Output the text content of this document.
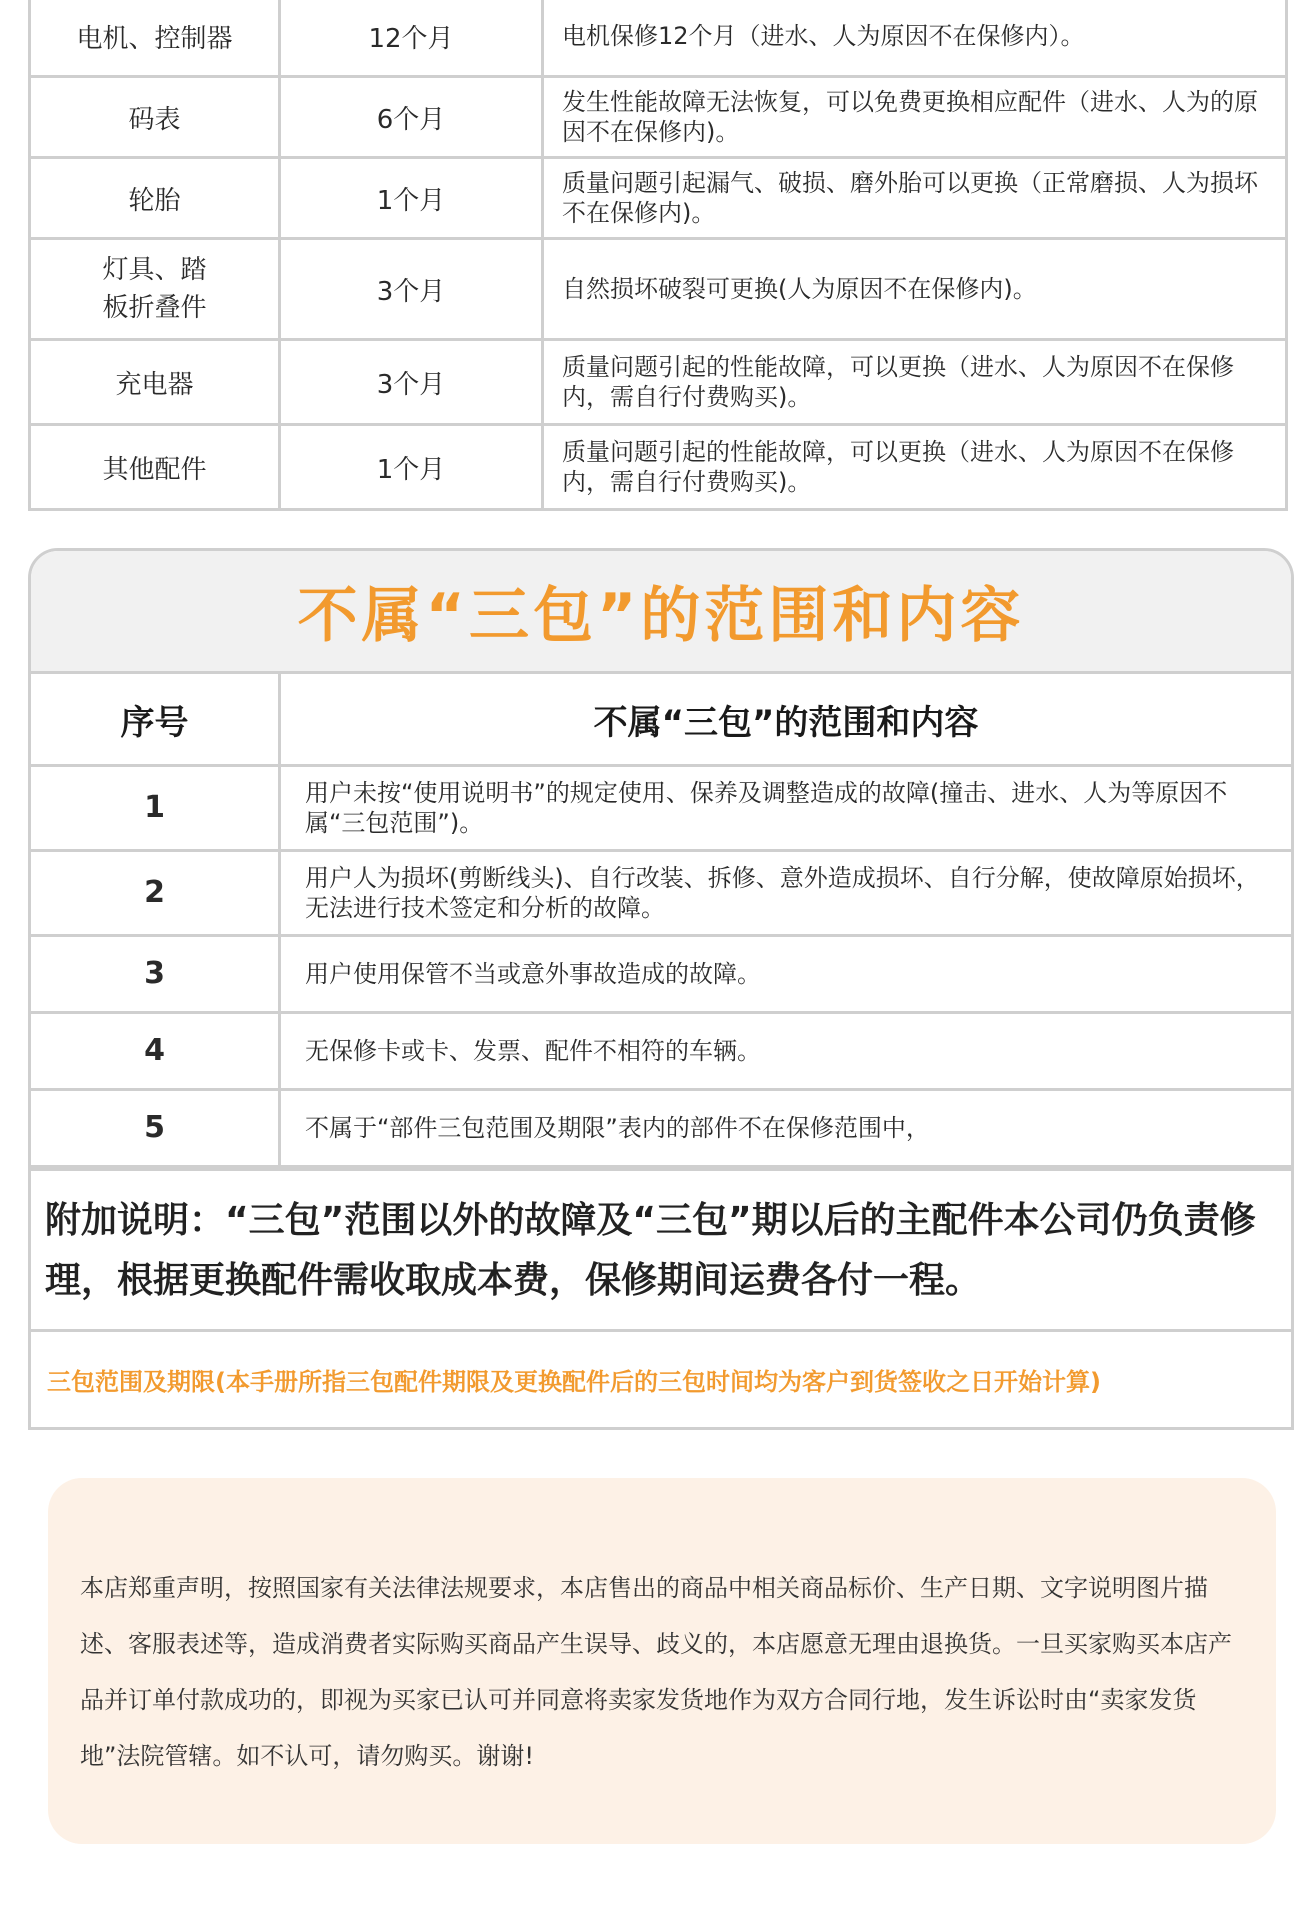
电机、控制器	12个月	电机保修12个月（进水、人为原因不在保修内）。
码表	6个月	发生性能故障无法恢复，可以免费更换相应配件（进水、人为的原因不在保修内)。
轮胎	1个月	质量问题引起漏气、破损、磨外胎可以更换（正常磨损、人为损坏不在保修内)。
灯具、踏板折叠件	3个月	自然损坏破裂可更换(人为原因不在保修内)。
充电器	3个月	质量问题引起的性能故障，可以更换（进水、人为原因不在保修内，需自行付费购买)。
其他配件	1个月	质量问题引起的性能故障，可以更换（进水、人为原因不在保修内，需自行付费购买)。
不属“三包”的范围和内容
序号	不属“三包”的范围和内容
1	用户未按“使用说明书”的规定使用、保养及调整造成的故障(撞击、进水、人为等原因不属“三包范围”)。
2	用户人为损坏(剪断线头)、自行改装、拆修、意外造成损坏、自行分解，使故障原始损坏，无法进行技术签定和分析的故障。
3	用户使用保管不当或意外事故造成的故障。
4	无保修卡或卡、发票、配件不相符的车辆。
5	不属于“部件三包范围及期限”表内的部件不在保修范围中，
附加说明：“三包”范围以外的故障及“三包”期以后的主配件本公司仍负责修理，根据更换配件需收取成本费，保修期间运费各付一程。
三包范围及期限(本手册所指三包配件期限及更换配件后的三包时间均为客户到货签收之日开始计算)
本店郑重声明，按照国家有关法律法规要求，本店售出的商品中相关商品标价、生产日期、文字说明图片描述、客服表述等，造成消费者实际购买商品产生误导、歧义的，本店愿意无理由退换货。一旦买家购买本店产品并订单付款成功的，即视为买家已认可并同意将卖家发货地作为双方合同行地，发生诉讼时由“卖家发货地”法院管辖。如不认可，请勿购买。谢谢!
